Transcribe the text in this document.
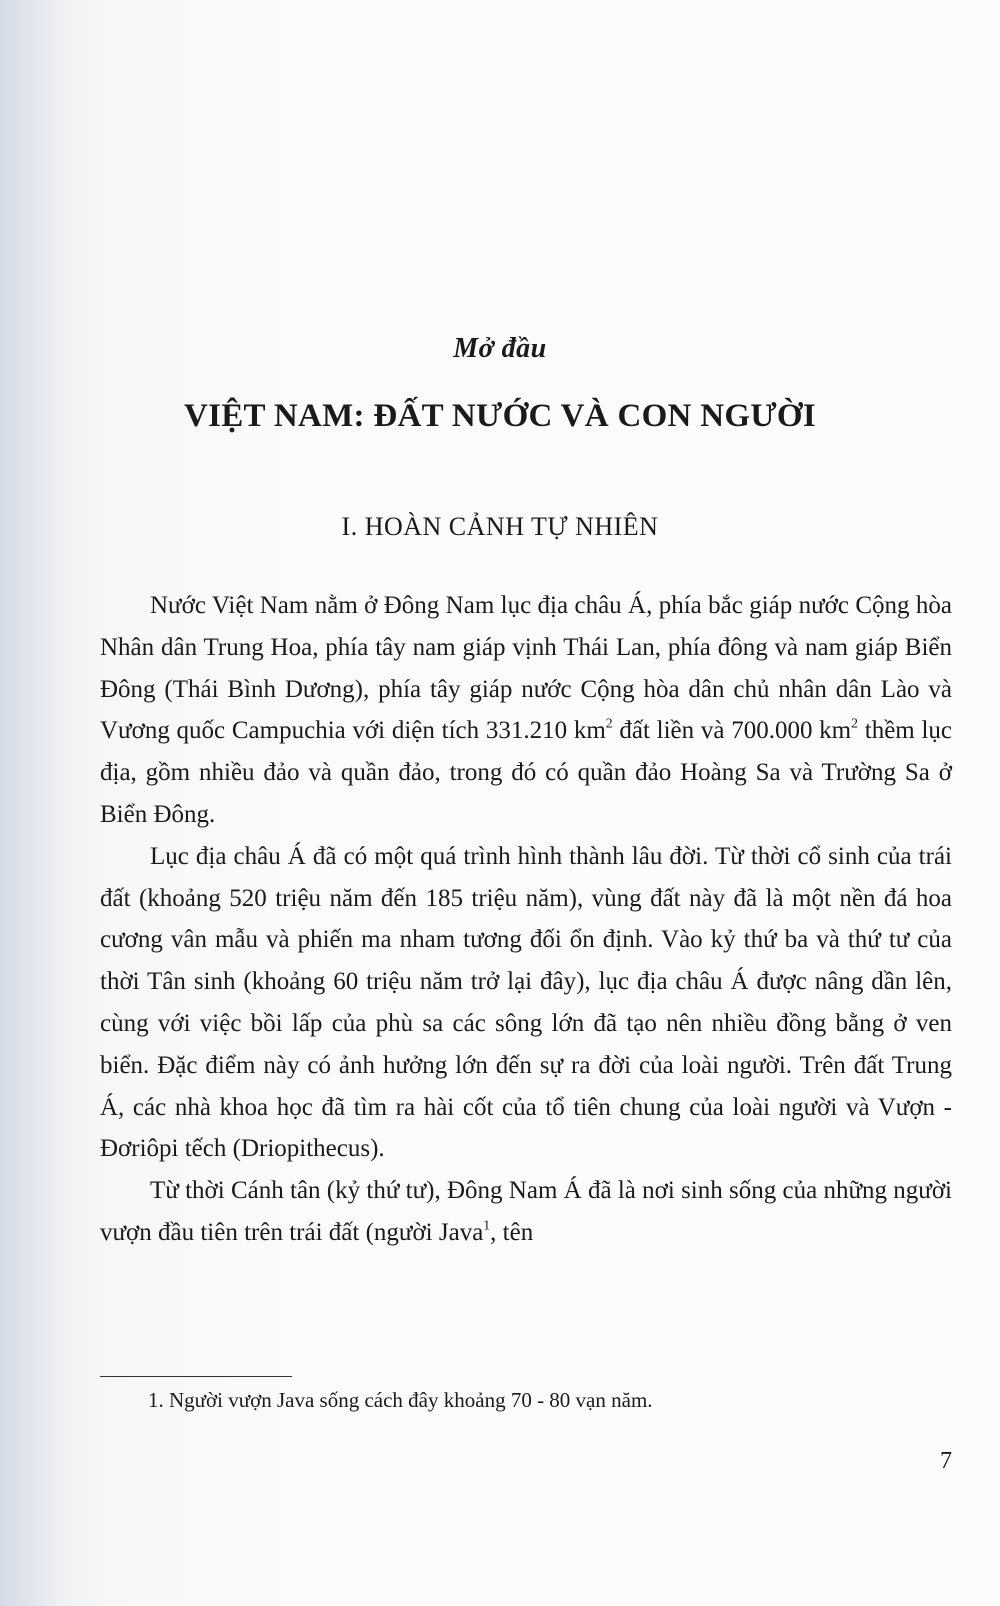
Mở đầu
VIỆT NAM: ĐẤT NƯỚC VÀ CON NGƯỜI
I. HOÀN CẢNH TỰ NHIÊN

Nước Việt Nam nằm ở Đông Nam lục địa châu Á, phía bắc giáp nước Cộng hòa Nhân dân Trung Hoa, phía tây nam giáp vịnh Thái Lan, phía đông và nam giáp Biển Đông (Thái Bình Dương), phía tây giáp nước Cộng hòa dân chủ nhân dân Lào và Vương quốc Campuchia với diện tích 331.210 $km^2$ đất liền và 700.000 $km^2$ thềm lục địa, gồm nhiều đảo và quần đảo, trong đó có quần đảo Hoàng Sa và Trường Sa ở Biển Đông.

Lục địa châu Á đã có một quá trình hình thành lâu đời. Từ thời cổ sinh của trái đất (khoảng 520 triệu năm đến 185 triệu năm), vùng đất này đã là một nền đá hoa cương vân mẫu và phiến ma nham tương đối ổn định. Vào kỷ thứ ba và thứ tư của thời Tân sinh (khoảng 60 triệu năm trở lại đây), lục địa châu Á được nâng dần lên, cùng với việc bồi lấp của phù sa các sông lớn đã tạo nên nhiều đồng bằng ở ven biển. Đặc điểm này có ảnh hưởng lớn đến sự ra đời của loài người. Trên đất Trung Á, các nhà khoa học đã tìm ra hài cốt của tổ tiên chung của loài người và Vượn - Đơriôpi tếch (Driopithecus).

Từ thời Cánh tân (kỷ thứ tư), Đông Nam Á đã là nơi sinh sống của những người vượn đầu tiên trên trái đất (người Java$^1$, tên

1. Người vượn Java sống cách đây khoảng 70 - 80 vạn năm.
7
